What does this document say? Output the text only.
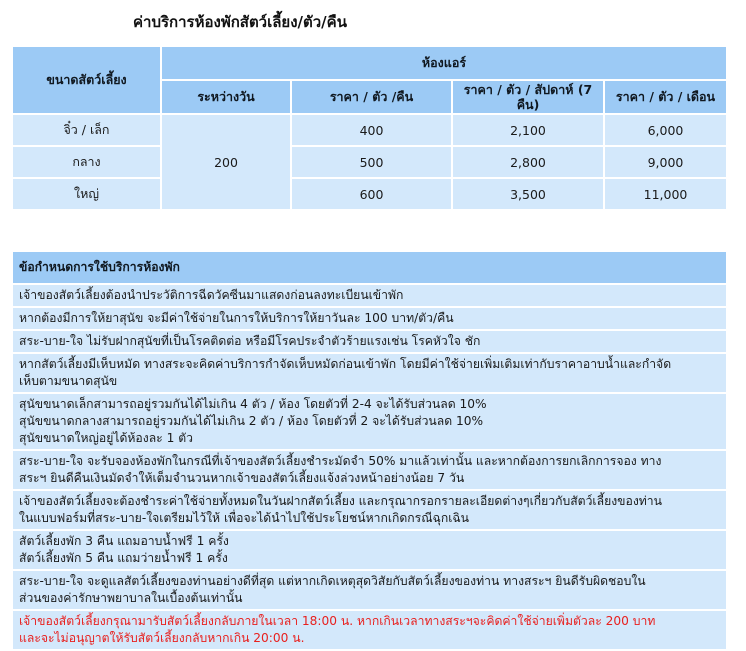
ค่าบริการห้องพักสัตว์เลี้ยง/ตัว/คืน
ขนาดสัตว์เลี้ยง	ห้องแอร์			
	ระหว่างวัน	ราคา / ตัว /คืน	ราคา / ตัว / สัปดาห์ (7 คืน)	ราคา / ตัว / เดือน
จิ๋ว / เล็ก	200	400	2,100	6,000
กลาง		500	2,800	9,000
ใหญ่		600	3,500	11,000
ข้อกำหนดการใช้บริการห้องพัก

เจ้าของสัตว์เลี้ยงต้องนำประวัติการฉีดวัคซีนมาแสดงก่อนลงทะเบียนเข้าพัก

หากต้องมีการให้ยาสุนัข จะมีค่าใช้จ่ายในการให้บริการให้ยาวันละ 100 บาท/ตัว/คืน

สระ-บาย-ใจ ไม่รับฝากสุนัขที่เป็นโรคติดต่อ หรือมีโรคประจำตัวร้ายแรงเช่น โรคหัวใจ ชัก

หากสัตว์เลี้ยงมีเห็บหมัด ทางสระจะคิดค่าบริการกำจัดเห็บหมัดก่อนเข้าพัก โดยมีค่าใช้จ่ายเพิ่มเติมเท่ากับราคาอาบน้ำและกำจัด
เห็บตามขนาดสุนัข

สุนัขขนาดเล็กสามารถอยู่รวมกันได้ไม่เกิน 4 ตัว / ห้อง โดยตัวที่ 2-4 จะได้รับส่วนลด 10%
สุนัขขนาดกลางสามารถอยู่รวมกันได้ไม่เกิน 2 ตัว / ห้อง โดยตัวที่ 2 จะได้รับส่วนลด 10%
สุนัขขนาดใหญ่อยู่ได้ห้องละ 1 ตัว

สระ-บาย-ใจ จะรับจองห้องพักในกรณีที่เจ้าของสัตว์เลี้ยงชำระมัดจำ 50% มาแล้วเท่านั้น และหากต้องการยกเลิกการจอง ทาง
สระฯ ยินดีคืนเงินมัดจำให้เต็มจำนวนหากเจ้าของสัตว์เลี้ยงแจ้งล่วงหน้าอย่างน้อย 7 วัน

เจ้าของสัตว์เลี้ยงจะต้องชำระค่าใช้จ่ายทั้งหมดในวันฝากสัตว์เลี้ยง และกรุณากรอกรายละเอียดต่างๆเกี่ยวกับสัตว์เลี้ยงของท่าน
ในแบบฟอร์มที่สระ-บาย-ใจเตรียมไว้ให้ เพื่อจะได้นำไปใช้ประโยชน์หากเกิดกรณีฉุกเฉิน

สัตว์เลี้ยงพัก 3 คืน แถมอาบน้ำฟรี 1 ครั้ง
สัตว์เลี้ยงพัก 5 คืน แถมว่ายน้ำฟรี 1 ครั้ง

สระ-บาย-ใจ จะดูแลสัตว์เลี้ยงของท่านอย่างดีที่สุด แต่หากเกิดเหตุสุดวิสัยกับสัตว์เลี้ยงของท่าน ทางสระฯ ยินดีรับผิดชอบใน
ส่วนของค่ารักษาพยาบาลในเบื้องต้นเท่านั้น

เจ้าของสัตว์เลี้ยงกรุณามารับสัตว์เลี้ยงกลับภายในเวลา 18:00 น. หากเกินเวลาทางสระฯจะคิดค่าใช้จ่ายเพิ่มตัวละ 200 บาท
และจะไม่อนุญาตให้รับสัตว์เลี้ยงกลับหากเกิน 20:00 น.
